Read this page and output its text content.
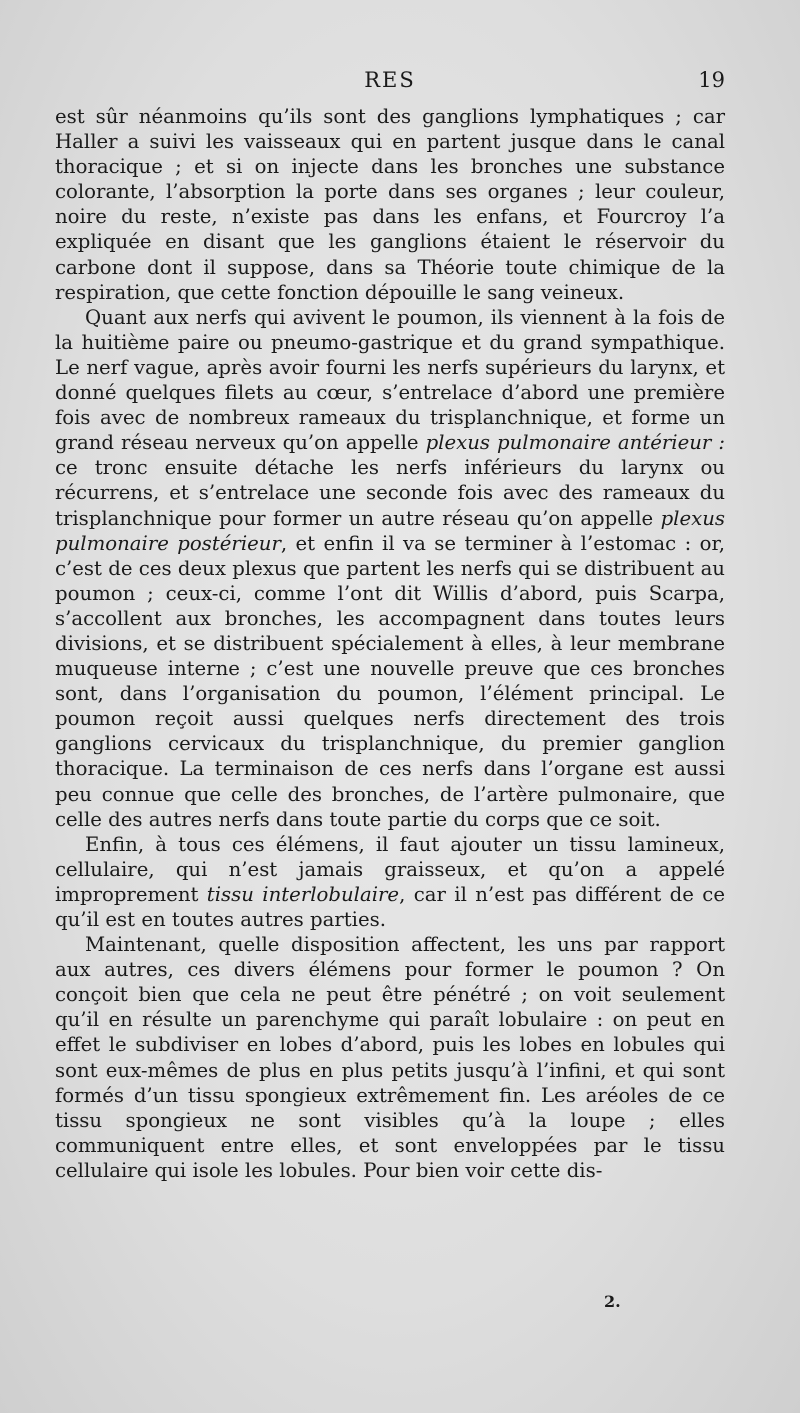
RES	19

est sûr néanmoins qu’ils sont des ganglions lymphatiques ; car Haller a suivi les vaisseaux qui en partent jusque dans le canal thoracique ; et si on injecte dans les bronches une substance colorante, l’absorption la porte dans ses organes ; leur couleur, noire du reste, n’existe pas dans les enfans, et Fourcroy l’a expliquée en disant que les ganglions étaient le réservoir du carbone dont il suppose, dans sa Théorie toute chimique de la respiration, que cette fonction dépouille le sang veineux.

Quant aux nerfs qui avivent le poumon, ils viennent à la fois de la huitième paire ou pneumo-gastrique et du grand sympathique. Le nerf vague, après avoir fourni les nerfs supérieurs du larynx, et donné quelques filets au cœur, s’entrelace d’abord une première fois avec de nombreux rameaux du trisplanchnique, et forme un grand réseau nerveux qu’on appelle plexus pulmonaire antérieur : ce tronc ensuite détache les nerfs inférieurs du larynx ou récurrens, et s’entrelace une seconde fois avec des rameaux du trisplanchnique pour former un autre réseau qu’on appelle plexus pulmonaire postérieur, et enfin il va se terminer à l’estomac : or, c’est de ces deux plexus que partent les nerfs qui se distribuent au poumon ; ceux-ci, comme l’ont dit Willis d’abord, puis Scarpa, s’accollent aux bronches, les accompagnent dans toutes leurs divisions, et se distribuent spécialement à elles, à leur membrane muqueuse interne ; c’est une nouvelle preuve que ces bronches sont, dans l’organisation du poumon, l’élément principal. Le poumon reçoit aussi quelques nerfs directement des trois ganglions cervicaux du trisplanchnique, du premier ganglion thoracique. La terminaison de ces nerfs dans l’organe est aussi peu connue que celle des bronches, de l’artère pulmonaire, que celle des autres nerfs dans toute partie du corps que ce soit.

Enfin, à tous ces élémens, il faut ajouter un tissu lamineux, cellulaire, qui n’est jamais graisseux, et qu’on a appelé improprement tissu interlobulaire, car il n’est pas différent de ce qu’il est en toutes autres parties.

Maintenant, quelle disposition affectent, les uns par rapport aux autres, ces divers élémens pour former le poumon ? On conçoit bien que cela ne peut être pénétré ; on voit seulement qu’il en résulte un parenchyme qui paraît lobulaire : on peut en effet le subdiviser en lobes d’abord, puis les lobes en lobules qui sont eux-mêmes de plus en plus petits jusqu’à l’infini, et qui sont formés d’un tissu spongieux extrêmement fin. Les aréoles de ce tissu spongieux ne sont visibles qu’à la loupe ; elles communiquent entre elles, et sont enveloppées par le tissu cellulaire qui isole les lobules. Pour bien voir cette dis-

2.
